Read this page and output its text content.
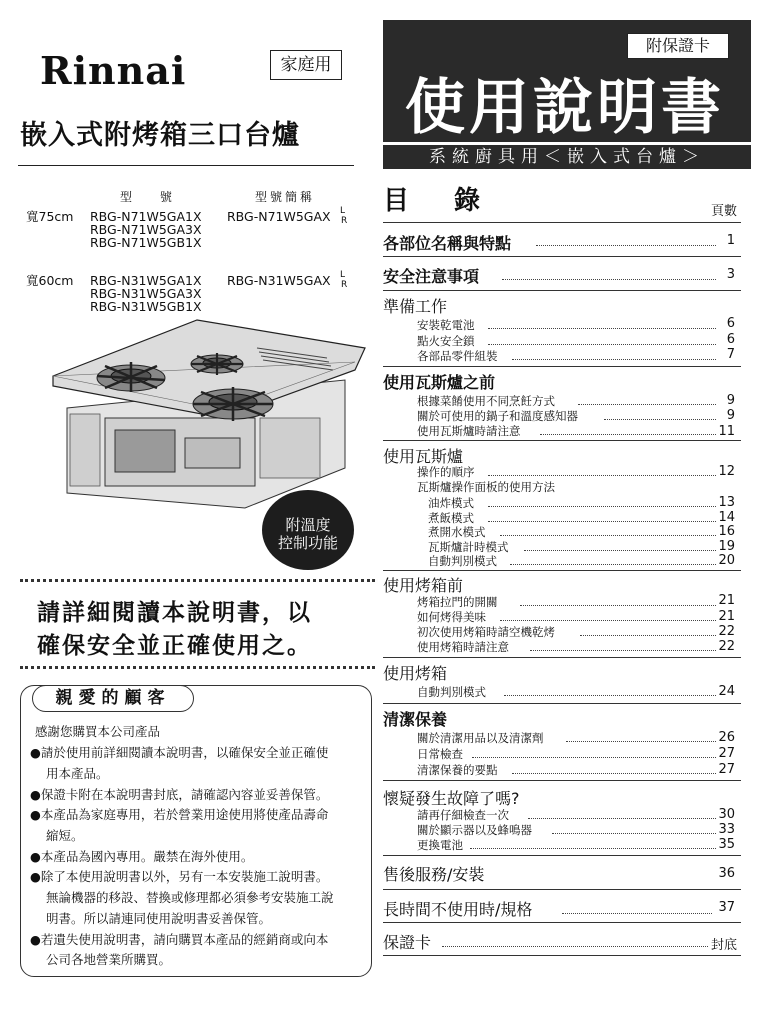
Rinnai	家庭用
嵌入式附烤箱三口台爐
附保證卡
使用說明書
系統廚具用＜嵌入式台爐＞
型 號	型號簡稱
寬75cm RBG-N71W5GA1X
RBG-N71W5GA3X
RBG-N71W5GB1X
RBG-N71W5GAX L
R
寬60cm RBG-N31W5GA1X
RBG-N31W5GA3X
RBG-N31W5GB1X
RBG-N31W5GAX L
R
附溫度
控制功能
請詳細閱讀本說明書，以
確保安全並正確使用之。
親愛的顧客
感謝您購買本公司產品
●請於使用前詳細閱讀本說明書，以確保安全並正確使
用本產品。
●保證卡附在本說明書封底，請確認內容並妥善保管。
●本產品為家庭專用，若於營業用途使用將使產品壽命
縮短。
●本產品為國內專用。嚴禁在海外使用。
●除了本使用說明書以外，另有一本安裝施工說明書。
無論機器的移設、替換或修理都必須參考安裝施工說
明書。所以請連同使用說明書妥善保管。
●若遺失使用說明書，請向購買本產品的經銷商或向本
公司各地營業所購買。
目 錄	頁數
各部位名稱與特點	1
安全注意事項	3
準備工作
安裝乾電池	6
點火安全鎖	6
各部品零件組裝	7
使用瓦斯爐之前
根據菜餚使用不同烹飪方式	9
關於可使用的鍋子和溫度感知器	9
使用瓦斯爐時請注意	11
使用瓦斯爐
操作的順序	12
瓦斯爐操作面板的使用方法
油炸模式	13
煮飯模式	14
煮開水模式	16
瓦斯爐計時模式	19
自動判別模式	20
使用烤箱前
烤箱拉門的開關	21
如何烤得美味	21
初次使用烤箱時請空機乾烤	22
使用烤箱時請注意	22
使用烤箱
自動判別模式	24
清潔保養
關於清潔用品以及清潔劑	26
日常檢查	27
清潔保養的要點	27
懷疑發生故障了嗎?
請再仔細檢查一次	30
關於顯示器以及蜂鳴器	33
更換電池	35
售後服務/安裝	36
長時間不使用時/規格	37
保證卡	封底
